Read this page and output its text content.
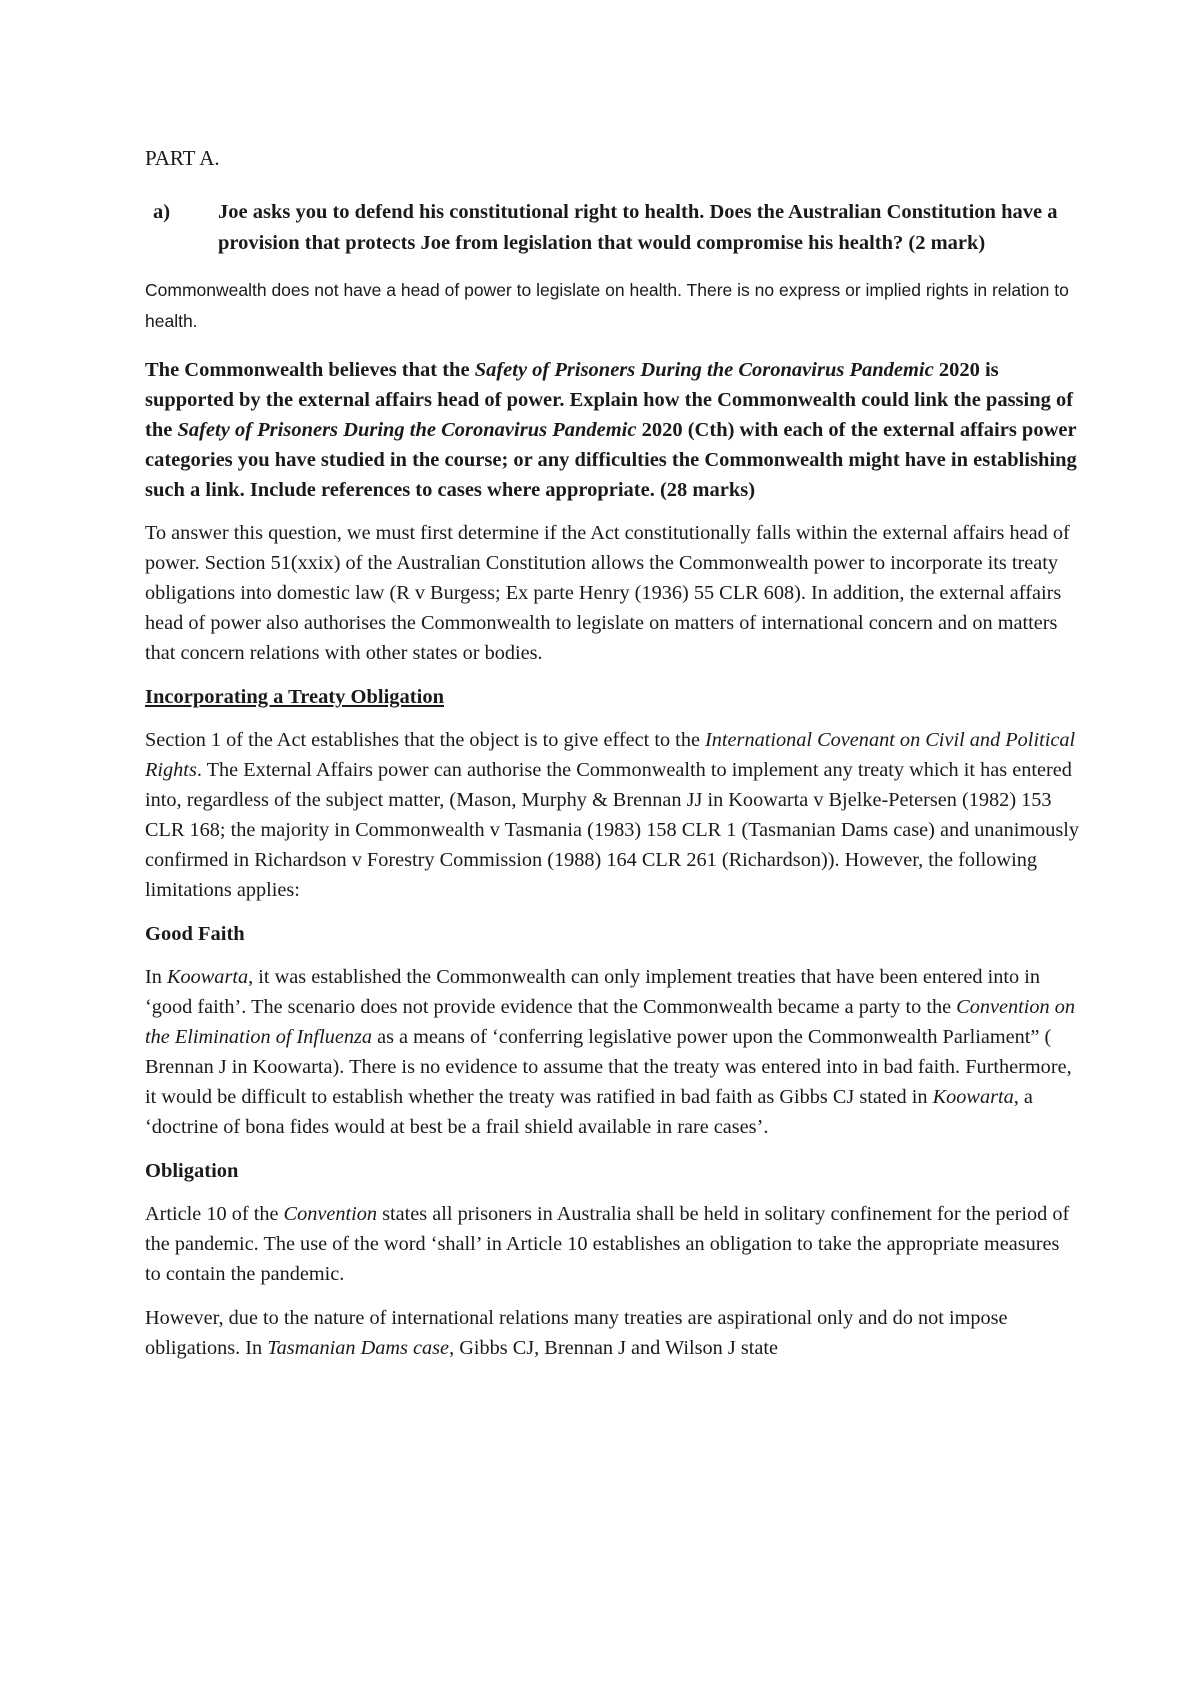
PART A.
a)	Joe asks you to defend his constitutional right to health. Does the Australian Constitution have a provision that protects Joe from legislation that would compromise his health? (2 mark)

Commonwealth does not have a head of power to legislate on health. There is no express or implied rights in relation to health.

The Commonwealth believes that the Safety of Prisoners During the Coronavirus Pandemic 2020 is supported by the external affairs head of power. Explain how the Commonwealth could link the passing of the Safety of Prisoners During the Coronavirus Pandemic 2020 (Cth) with each of the external affairs power categories you have studied in the course; or any difficulties the Commonwealth might have in establishing such a link. Include references to cases where appropriate. (28 marks)

To answer this question, we must first determine if the Act constitutionally falls within the external affairs head of power. Section 51(xxix) of the Australian Constitution allows the Commonwealth power to incorporate its treaty obligations into domestic law (R v Burgess; Ex parte Henry (1936) 55 CLR 608). In addition, the external affairs head of power also authorises the Commonwealth to legislate on matters of international concern and on matters that concern relations with other states or bodies.

Incorporating a Treaty Obligation

Section 1 of the Act establishes that the object is to give effect to the International Covenant on Civil and Political Rights. The External Affairs power can authorise the Commonwealth to implement any treaty which it has entered into, regardless of the subject matter, (Mason, Murphy & Brennan JJ in Koowarta v Bjelke-Petersen (1982) 153 CLR 168; the majority in Commonwealth v Tasmania (1983) 158 CLR 1 (Tasmanian Dams case) and unanimously confirmed in Richardson v Forestry Commission (1988) 164 CLR 261 (Richardson)). However, the following limitations applies:

Good Faith

In Koowarta, it was established the Commonwealth can only implement treaties that have been entered into in ‘good faith’. The scenario does not provide evidence that the Commonwealth became a party to the Convention on the Elimination of Influenza as a means of ‘conferring legislative power upon the Commonwealth Parliament” ( Brennan J in Koowarta). There is no evidence to assume that the treaty was entered into in bad faith. Furthermore, it would be difficult to establish whether the treaty was ratified in bad faith as Gibbs CJ stated in Koowarta, a ‘doctrine of bona fides would at best be a frail shield available in rare cases’.

Obligation

Article 10 of the Convention states all prisoners in Australia shall be held in solitary confinement for the period of the pandemic. The use of the word ‘shall’ in Article 10 establishes an obligation to take the appropriate measures to contain the pandemic.

However, due to the nature of international relations many treaties are aspirational only and do not impose obligations. In Tasmanian Dams case, Gibbs CJ, Brennan J and Wilson J state
